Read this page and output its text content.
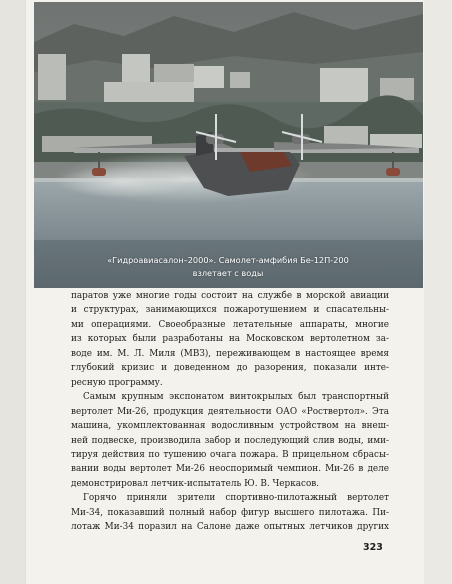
«Гидроавиасалон–2000». Самолет-амфибия Бе-12П-200
взлетает с воды

паратов уже многие годы состоит на службе в морской авиации
и структурах, занимающихся пожаротушением и спасательны-
ми операциями. Своеобразные летательные аппараты, многие
из которых были разработаны на Московском вертолетном за-
воде им. М. Л. Миля (МВЗ), переживающем в настоящее время
глубокий кризис и доведенном до разорения, показали инте-
ресную программу.

Самым крупным экспонатом винтокрылых был транспортный
вертолет Ми-26, продукция деятельности ОАО «Роствертол». Эта
машина, укомплектованная водосливным устройством на внеш-
ней подвеске, производила забор и последующий слив воды, ими-
тируя действия по тушению очага пожара. В прицельном сбрасы-
вании воды вертолет Ми-26 неоспоримый чемпион. Ми-26 в деле
демонстрировал летчик-испытатель Ю. В. Черкасов.

Горячо приняли зрители спортивно-пилотажный вертолет
Ми-34, показавший полный набор фигур высшего пилотажа. Пи-
лотаж Ми-34 поразил на Салоне даже опытных летчиков других

323
